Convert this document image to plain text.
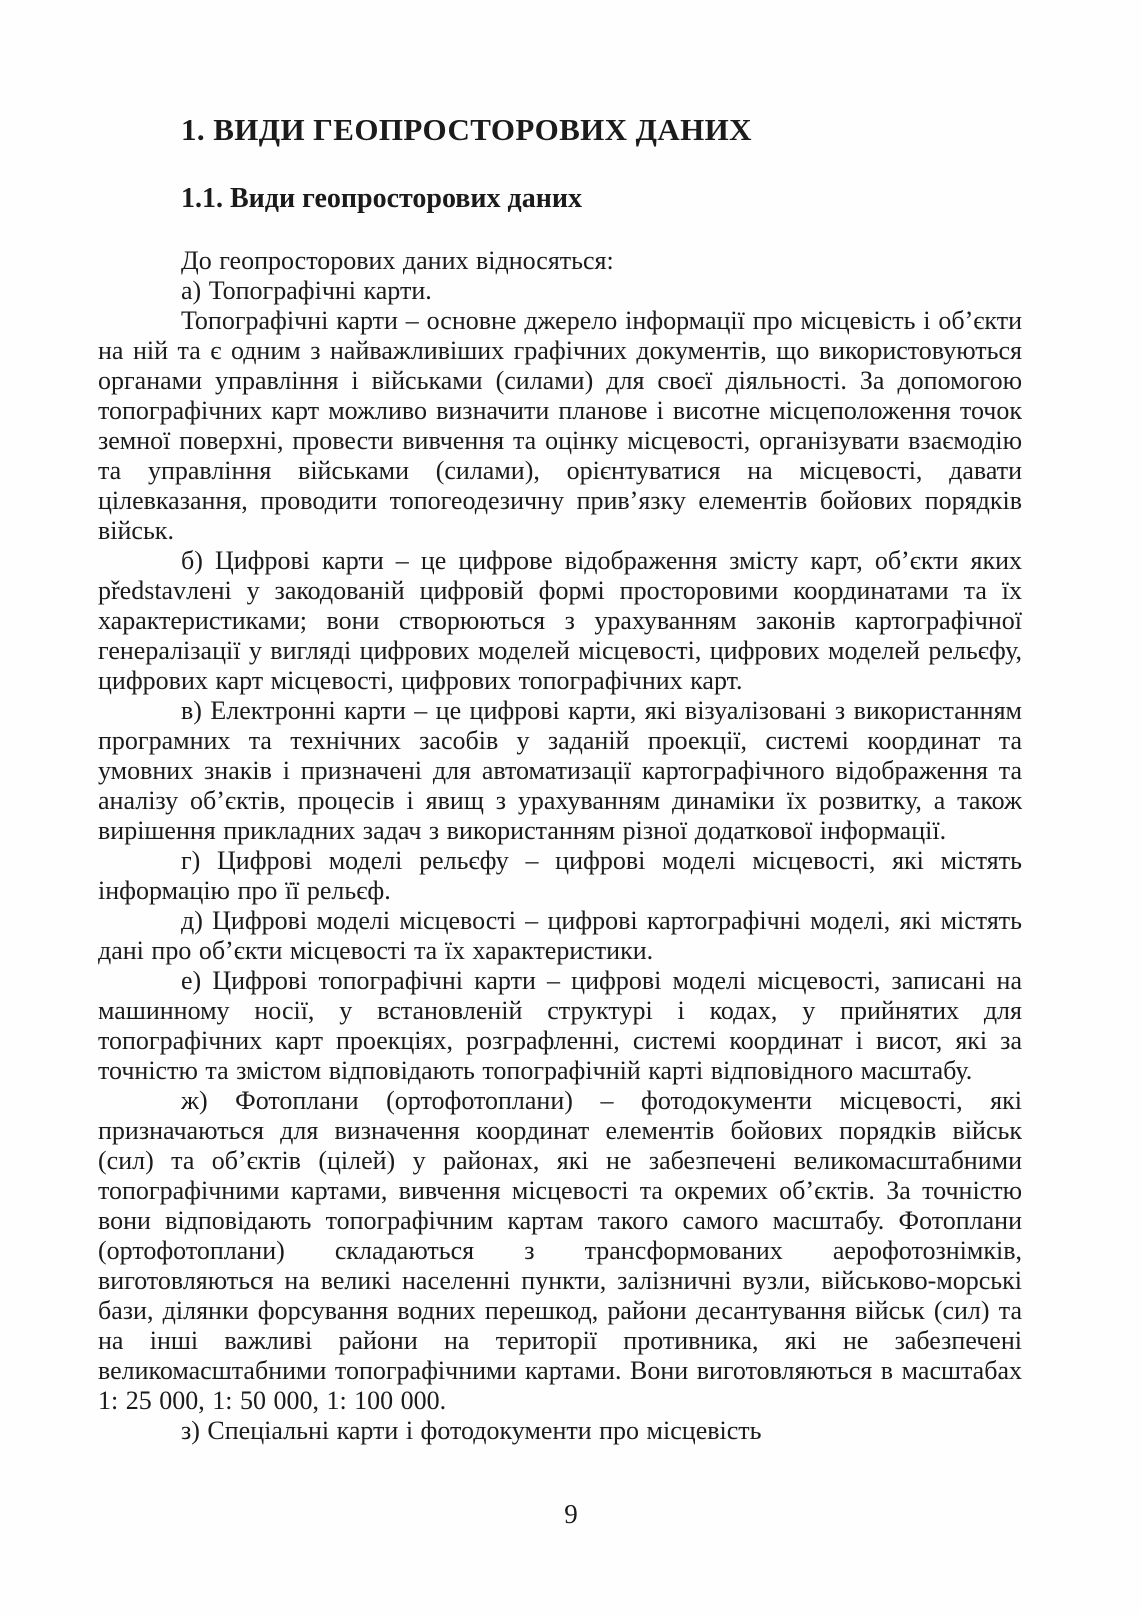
1. ВИДИ ГЕОПРОСТОРОВИХ ДАНИХ
1.1. Види геопросторових даних

До геопросторових даних відносяться:

а) Топографічні карти.

Топографічні карти – основне джерело інформації про місцевість і об’єкти на ній та є одним з найважливіших графічних документів, що використовуються органами управління і військами (силами) для своєї діяльності. За допомогою топографічних карт можливо визначити планове і висотне місцеположення точок земної поверхні, провести вивчення та оцінку місцевості, організувати взаємодію та управління військами (силами), орієнтуватися на місцевості, давати цілевказання, проводити топогеодезичну прив’язку елементів бойових порядків військ.

б) Цифрові карти – це цифрове відображення змісту карт, об’єкти яких představлені у закодованій цифровій формі просторовими координатами та їх характеристиками; вони створюються з урахуванням законів картографічної генералізації у вигляді цифрових моделей місцевості, цифрових моделей рельєфу, цифрових карт місцевості, цифрових топографічних карт.

в) Електронні карти – це цифрові карти, які візуалізовані з використанням програмних та технічних засобів у заданій проекції, системі координат та умовних знаків і призначені для автоматизації картографічного відображення та аналізу об’єктів, процесів і явищ з урахуванням динаміки їх розвитку, а також вирішення прикладних задач з використанням різної додаткової інформації.

г) Цифрові моделі рельєфу – цифрові моделі місцевості, які містять інформацію про її рельєф.

д) Цифрові моделі місцевості – цифрові картографічні моделі, які містять дані про об’єкти місцевості та їх характеристики.

е) Цифрові топографічні карти – цифрові моделі місцевості, записані на машинному носії, у встановленій структурі і кодах, у прийнятих для топографічних карт проекціях, розграфленні, системі координат і висот, які за точністю та змістом відповідають топографічній карті відповідного масштабу.

ж) Фотоплани (ортофотоплани) – фотодокументи місцевості, які призначаються для визначення координат елементів бойових порядків військ (сил) та об’єктів (цілей) у районах, які не забезпечені великомасштабними топографічними картами, вивчення місцевості та окремих об’єктів. За точністю вони відповідають топографічним картам такого самого масштабу. Фотоплани (ортофотоплани) складаються з трансформованих аерофотознімків, виготовляються на великі населенні пункти, залізничні вузли, військово-морські бази, ділянки форсування водних перешкод, райони десантування військ (сил) та на інші важливі райони на території противника, які не забезпечені великомасштабними топографічними картами. Вони виготовляються в масштабах 1: 25 000, 1: 50 000, 1: 100 000.

з) Спеціальні карти і фотодокументи про місцевість

9
